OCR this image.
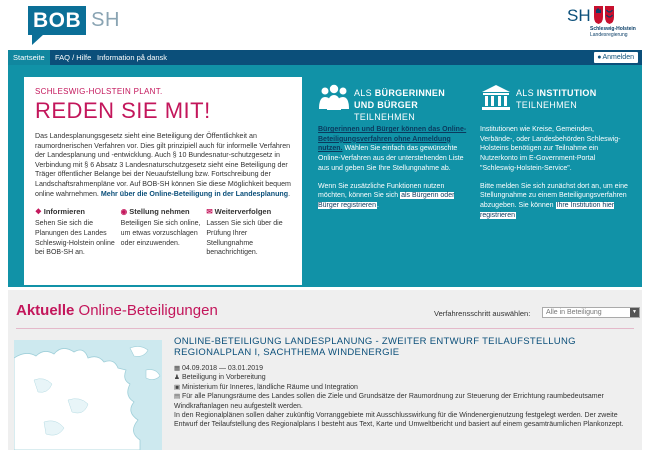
BOB SH	SH
Schleswig-Holstein
Landesregierung
Startseite	FAQ / Hilfe Information på dansk	●Anmelden
SCHLESWIG-HOLSTEIN PLANT.
REDEN SIE MIT!
Das Landesplanungsgesetz sieht eine Beteiligung der Öffentlichkeit an raumordnerischen Verfahren vor. Dies gilt prinzipiell auch für informelle Verfahren der Landesplanung und -entwicklung. Auch § 10 Bundesnatur-schutzgesetz in Verbindung mit § 6 Absatz 3 Landesnaturschutzgesetz sieht eine Beteiligung der Träger öffentlicher Belange bei der Neuaufstellung bzw. Fortschreibung der Landschaftsrahmenpläne vor. Auf BOB-SH können Sie diese Möglichkeit bequem online wahrnehmen. Mehr über die Online-Beteiligung in der Landesplanung.
❖ Informieren
Sehen Sie sich die Planungen des Landes Schleswig-Holstein online bei BOB-SH an.
◉ Stellung nehmen
Beteiligen Sie sich online, um etwas vorzuschlagen oder einzuwenden.
✉ Weiterverfolgen
Lassen Sie sich über die Prüfung Ihrer Stellungnahme benachrichtigen.
ALS BÜRGERINNEN UND BÜRGER TEILNEHMEN

Bürgerinnen und Bürger können das Online-Beteiligungsverfahren ohne Anmeldung nutzen. Wählen Sie einfach das gewünschte Online-Verfahren aus der unterstehenden Liste aus und geben Sie Ihre Stellungnahme ab.

Wenn Sie zusätzliche Funktionen nutzen möchten, können Sie sich als Bürgerin oder Bürger registrieren.

ALS INSTITUTION
TEILNEHMEN

Institutionen wie Kreise, Gemeinden, Verbände-, oder Landesbehörden Schleswig-Holsteins benötigen zur Teilnahme ein Nutzerkonto im E-Government-Portal "Schleswig-Holstein-Service".

Bitte melden Sie sich zunächst dort an, um eine Stellungnahme zu einem Beteiligungsverfahren abzugeben. Sie können Ihre Institution hier registrieren

Aktuelle Online-Beteiligungen	Verfahrensschritt auswählen:	Alle in Beteiligung	▼
ONLINE-BETEILIGUNG LANDESPLANUNG - ZWEITER ENTWURF TEILAUFSTELLUNG REGIONALPLAN I, SACHTHEMA WINDENERGIE
▦ 04.09.2018 — 03.01.2019
♟ Beteiligung in Vorbereitung
▣ Ministerium für Inneres, ländliche Räume und Integration
▤ Für alle Planungsräume des Landes sollen die Ziele und Grundsätze der Raumordnung zur Steuerung der Errichtung raumbedeutsamer Windkraftanlagen neu aufgestellt werden.
In den Regionalplänen sollen daher zukünftig Vorranggebiete mit Ausschlusswirkung für die Windenergienutzung festgelegt werden. Der zweite Entwurf der Teilaufstellung des Regionalplans I besteht aus Text, Karte und Umweltbericht und basiert auf einem gesamträumlichen Plankonzept.
